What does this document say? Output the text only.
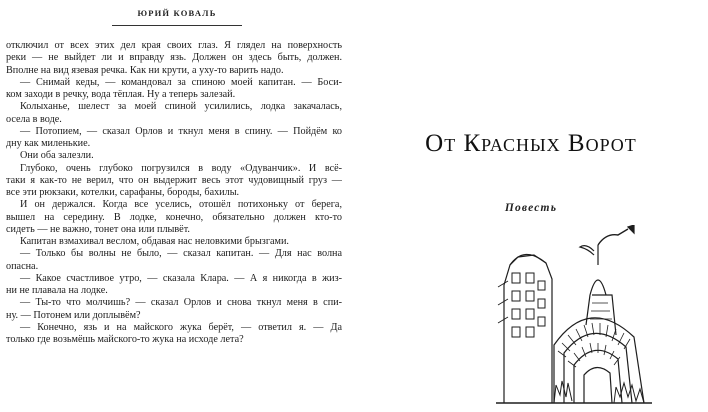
ЮРИЙ КОВАЛЬ
отключил от всех этих дел края своих глаз. Я глядел на поверхность
реки — не выйдет ли и вправду язь. Должен он здесь быть, должен.
Вполне на вид язевая речка. Как ни крути, а уху-то варить надо.
— Снимай кеды, — командовал за спиною моей капитан. — Боси-
ком заходи в речку, вода тёплая. Ну а теперь залезай.
Колыханье, шелест за моей спиной усилились, лодка закачалась,
осела в воде.
— Потопием, — сказал Орлов и ткнул меня в спину. — Пойдём ко
дну как миленькие.
Они оба залезли.
Глубоко, очень глубоко погрузился в воду «Одуванчик». И всё-
таки я как-то не верил, что он выдержит весь этот чудовищный груз —
все эти рюкзаки, котелки, сарафаны, бороды, бахилы.
И он держался. Когда все уселись, отошёл потихоньку от берега,
вышел на середину. В лодке, конечно, обязательно должен кто-то
сидеть — не важно, тонет она или плывёт.
Капитан взмахивал веслом, обдавая нас неловкими брызгами.
— Только бы волны не было, — сказал капитан. — Для нас волна
опасна.
— Какое счастливое утро, — сказала Клара. — А я никогда в жиз-
ни не плавала на лодке.
— Ты-то что молчишь? — сказал Орлов и снова ткнул меня в спи-
ну. — Потонем или доплывём?
— Конечно, язь и на майского жука берёт, — ответил я. — Да
только где возьмёшь майского-то жука на исходе лета?
От Красных Ворот
Повесть
